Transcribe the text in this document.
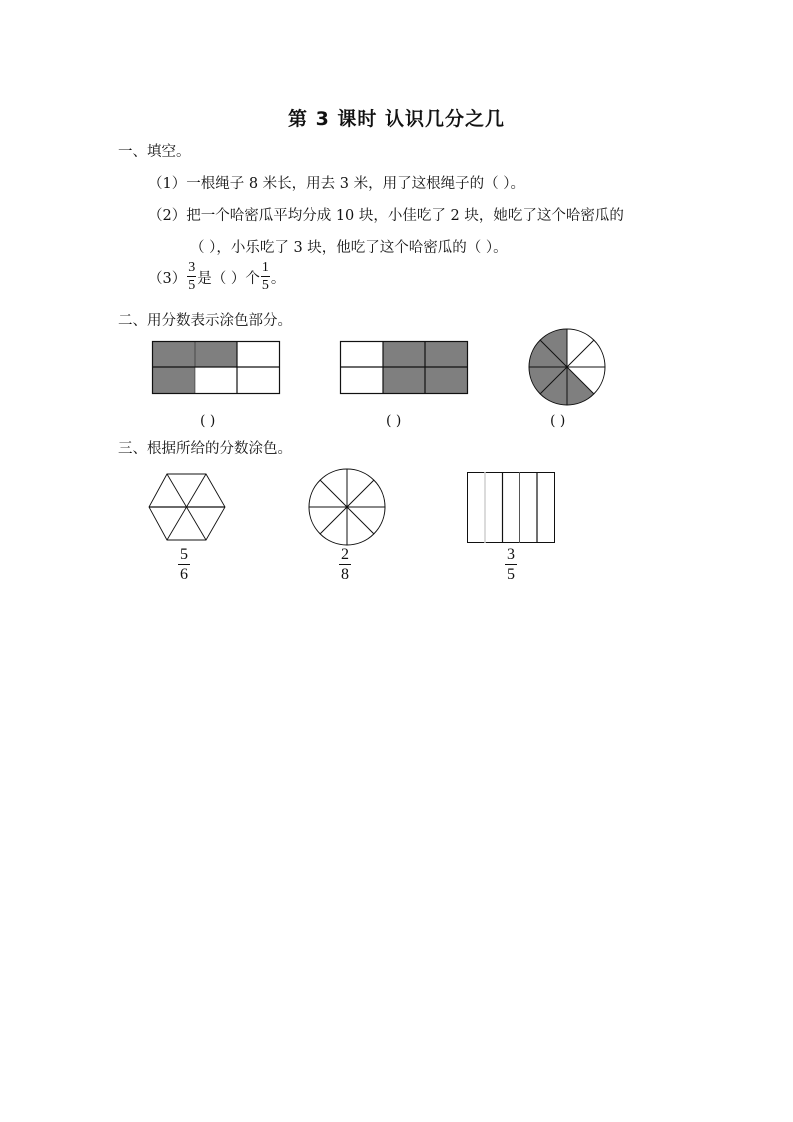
第 3 课时 认识几分之几
一、填空。
（1）一根绳子 8 米长，用去 3 米，用了这根绳子的（ ）。
（2）把一个哈密瓜平均分成 10 块，小佳吃了 2 块，她吃了这个哈密瓜的
（ ），小乐吃了 3 块，他吃了这个哈密瓜的（ ）。
$(3) \frac{3}{5}$ 是（ ）个 $\frac{1}{5}$ 。
二、用分数表示涂色部分。
( )	( )	( )
三、根据所给的分数涂色。
$\frac{5}{6}$	$\frac{2}{8}$	$\frac{3}{5}$
